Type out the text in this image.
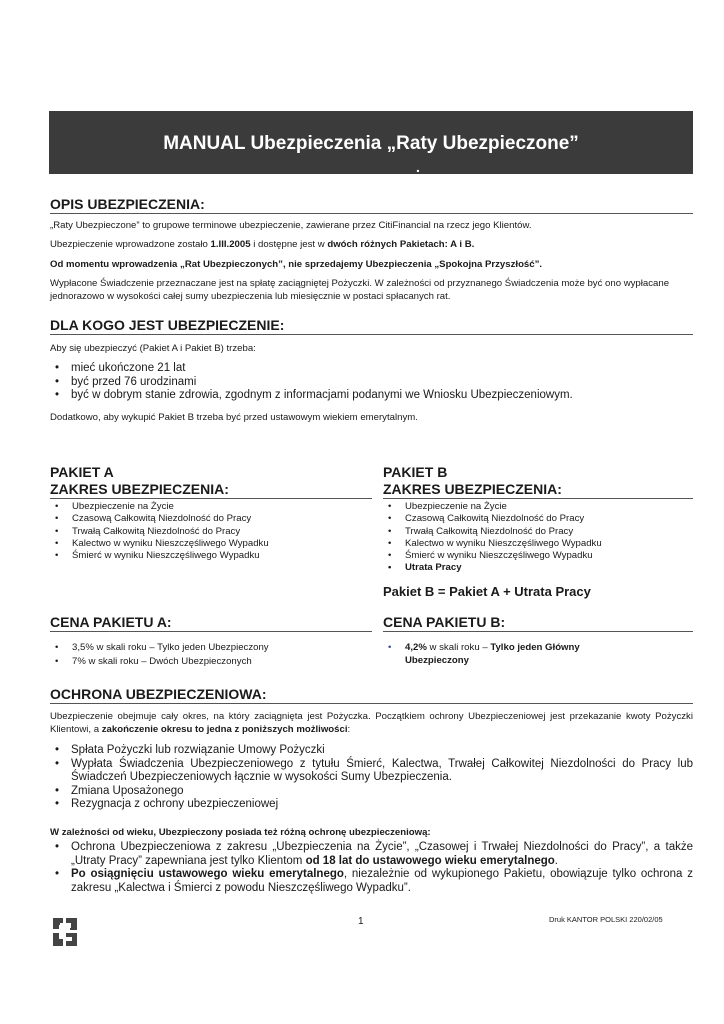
MANUAL Ubezpieczenia „Raty Ubezpieczone”
.
OPIS UBEZPIECZENIA:
„Raty Ubezpieczone” to grupowe terminowe ubezpieczenie, zawierane przez CitiFinancial na rzecz jego Klientów.
Ubezpieczenie wprowadzone zostało 1.III.2005 i dostępne jest w dwóch różnych Pakietach: A i B.
Od momentu wprowadzenia „Rat Ubezpieczonych”, nie sprzedajemy Ubezpieczenia „Spokojna Przyszłość”.
Wypłacone Świadczenie przeznaczane jest na spłatę zaciągniętej Pożyczki. W zależności od przyznanego Świadczenia może być ono wypłacane jednorazowo w wysokości całej sumy ubezpieczenia lub miesięcznie w postaci spłacanych rat.
DLA KOGO JEST UBEZPIECZENIE:
Aby się ubezpieczyć (Pakiet A i Pakiet B) trzeba:
• mieć ukończone 21 lat
• być przed 76 urodzinami
• być w dobrym stanie zdrowia, zgodnym z informacjami podanymi we Wniosku Ubezpieczeniowym.
Dodatkowo, aby wykupić Pakiet B trzeba być przed ustawowym wiekiem emerytalnym.
PAKIET A
ZAKRES UBEZPIECZENIA:
• Ubezpieczenie na Życie
• Czasową Całkowitą Niezdolność do Pracy
• Trwałą Całkowitą Niezdolność do Pracy
• Kalectwo w wyniku Nieszczęśliwego Wypadku
• Śmierć w wyniku Nieszczęśliwego Wypadku
PAKIET B
ZAKRES UBEZPIECZENIA:
• Ubezpieczenie na Życie
• Czasową Całkowitą Niezdolność do Pracy
• Trwałą Całkowitą Niezdolność do Pracy
• Kalectwo w wyniku Nieszczęśliwego Wypadku
• Śmierć w wyniku Nieszczęśliwego Wypadku
• Utrata Pracy
Pakiet B = Pakiet A + Utrata Pracy
CENA PAKIETU A:
• 3,5% w skali roku – Tylko jeden Ubezpieczony
• 7% w skali roku – Dwóch Ubezpieczonych
CENA PAKIETU B:
• 4,2% w skali roku – Tylko jeden Główny Ubezpieczony
OCHRONA UBEZPIECZENIOWA:
Ubezpieczenie obejmuje cały okres, na który zaciągnięta jest Pożyczka. Początkiem ochrony Ubezpieczeniowej jest przekazanie kwoty Pożyczki Klientowi, a zakończenie okresu to jedna z poniższych możliwości:
• Spłata Pożyczki lub rozwiązanie Umowy Pożyczki
• Wypłata Świadczenia Ubezpieczeniowego z tytułu Śmierć, Kalectwa, Trwałej Całkowitej Niezdolności do Pracy lub Świadczeń Ubezpieczeniowych łącznie w wysokości Sumy Ubezpieczenia.
• Zmiana Uposażonego
• Rezygnacja z ochrony ubezpieczeniowej
W zależności od wieku, Ubezpieczony posiada też różną ochronę ubezpieczeniową:
• Ochrona Ubezpieczeniowa z zakresu „Ubezpieczenia na Życie”, „Czasowej i Trwałej Niezdolności do Pracy”, a także „Utraty Pracy” zapewniana jest tylko Klientom od 18 lat do ustawowego wieku emerytalnego.
• Po osiągnięciu ustawowego wieku emerytalnego, niezależnie od wykupionego Pakietu, obowiązuje tylko ochrona z zakresu „Kalectwa i Śmierci z powodu Nieszczęśliwego Wypadku”.
1	Druk KANTOR POLSKI 220/02/05
